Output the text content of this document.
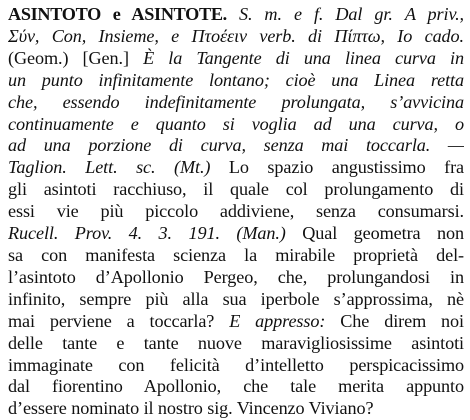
ASINTOTO e ASINTOTE. S. m. e f. Dal gr. Α priv.,
Σύν, Con, Insieme, e Πτοέειν verb. di Πίπτω, Io cado.
(Geom.) [Gen.] È la Tangente di una linea curva in
un punto infinitamente lontano; cioè una Linea retta
che, essendo indefinitamente prolungata, s’avvicina
continuamente e quanto si voglia ad una curva, o
ad una porzione di curva, senza mai toccarla. —
Taglion. Lett. sc. (Mt.) Lo spazio angustissimo fra
gli asintoti racchiuso, il quale col prolungamento di
essi vie più piccolo addiviene, senza consumarsi.
Rucell. Prov. 4. 3. 191. (Man.) Qual geometra non
sa con manifesta scienza la mirabile proprietà del-
l’asintoto d’Apollonio Pergeo, che, prolungandosi in
infinito, sempre più alla sua iperbole s’approssima, nè
mai perviene a toccarla? E appresso: Che direm noi
delle tante e tante nuove maravigliosissime asintoti
immaginate con felicità d’intelletto perspicacissimo
dal fiorentino Apollonio, che tale merita appunto
d’essere nominato il nostro sig. Vincenzo Viviano?
